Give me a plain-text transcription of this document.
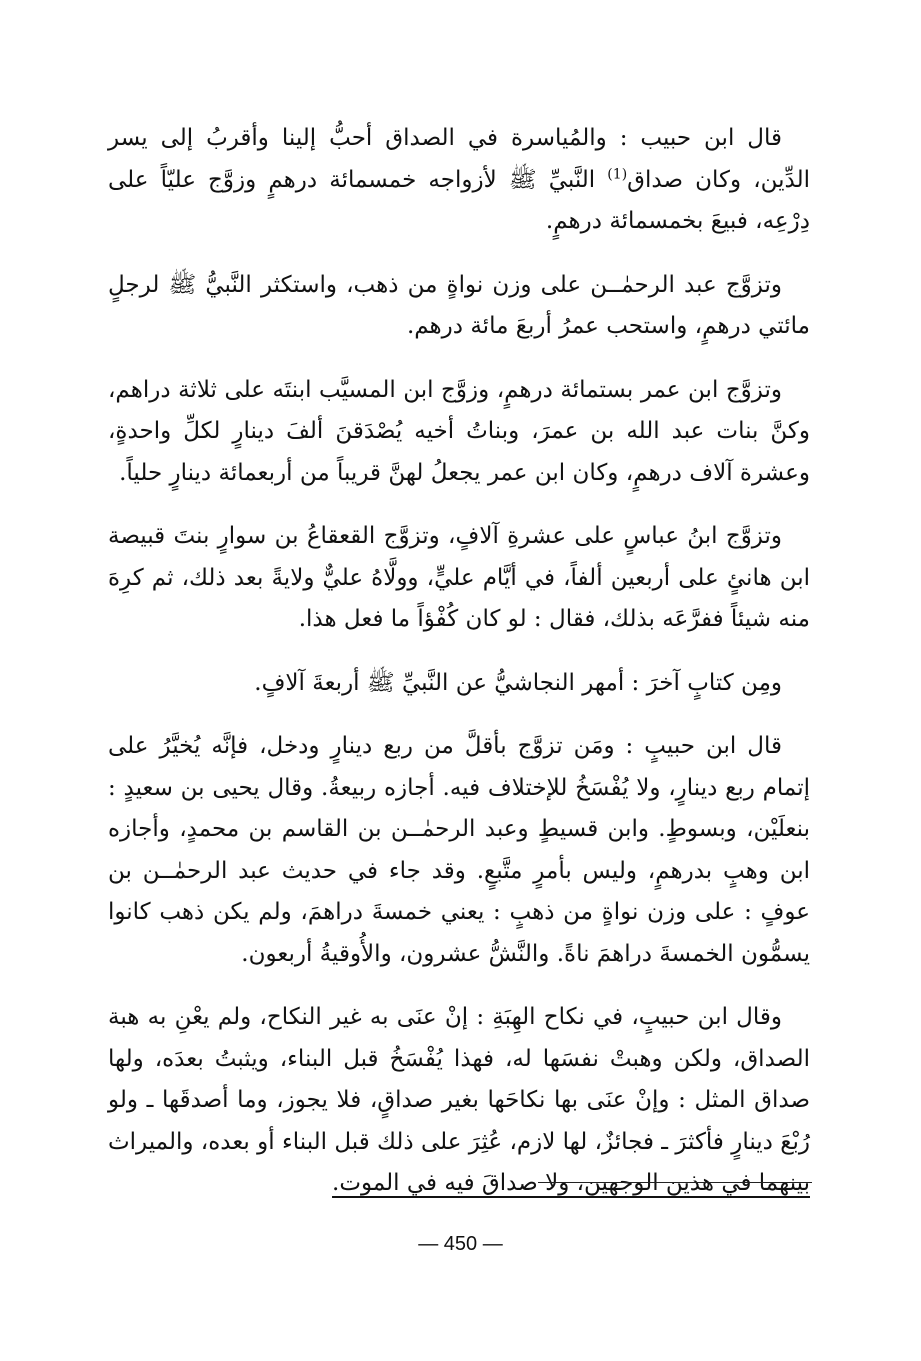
قال ابن حبيب : والمُياسرة في الصداق أحبُّ إلينا وأقربُ إلى يسر الدِّين، وكان صداق$^{(1)}$ النَّبيِّ ﷺ لأزواجه خمسمائة درهمٍ وزوَّج عليّاً على دِرْعِه، فبيعَ بخمسمائة درهمٍ.

وتزوَّج عبد الرحمٰــن على وزن نواةٍ من ذهب، واستكثر النَّبيُّ ﷺ لرجلٍ مائتي درهمٍ، واستحب عمرُ أربعَ مائة درهم.

وتزوَّج ابن عمر بستمائة درهمٍ، وزوَّج ابن المسيَّب ابنتَه على ثلاثة دراهم، وكنَّ بنات عبد الله بن عمرَ، وبناتُ أخيه يُصْدَقنَ ألفَ دينارٍ لكلِّ واحدةٍ، وعشرة آلاف درهمٍ، وكان ابن عمر يجعلُ لهنَّ قريباً من أربعمائة دينارٍ حلياً.

وتزوَّج ابنُ عباسٍ على عشرةِ آلافٍ، وتزوَّج القعقاعُ بن سوارٍ بنتَ قبيصة ابن هانئٍ على أربعين ألفاً، في أيَّام عليٍّ، وولَّاهُ عليٌّ ولايةً بعد ذلك، ثم كرِهَ منه شيئاً ففرَّعَه بذلك، فقال : لو كان كُفْؤاً ما فعل هذا.

ومِن كتابٍ آخرَ : أمهر النجاشيُّ عن النَّبيِّ ﷺ أربعةَ آلافٍ.

قال ابن حبيبٍ : ومَن تزوَّج بأقلَّ من ربع دينارٍ ودخل، فإنَّه يُخيَّرُ على إتمام ربع دينارٍ، ولا يُفْسَخُ للإختلاف فيه. أجازه ربيعةُ. وقال يحيى بن سعيدٍ : بنعلَيْن، وبسوطٍ. وابن قسيطٍ وعبد الرحمٰــن بن القاسم بن محمدٍ، وأجازه ابن وهبٍ بدرهمٍ، وليس بأمرٍ متَّبعٍ. وقد جاء في حديث عبد الرحمٰــن بن عوفٍ : على وزن نواةٍ من ذهبٍ : يعني خمسةَ دراهمَ، ولم يكن ذهب كانوا يسمُّون الخمسةَ دراهمَ ناةً. والنَّشُّ عشرون، والأُوقيةُ أربعون.

وقال ابن حبيبٍ، في نكاح الهِبَةِ : إنْ عنَى به غير النكاح، ولم يعْنِ به هبة الصداق، ولكن وهبتْ نفسَها له، فهذا يُفْسَخُ قبل البناء، ويثبتُ بعدَه، ولها صداق المثل : وإنْ عنَى بها نكاحَها بغير صداقٍ، فلا يجوز، وما أصدقَها ـ ولو رُبْعَ دينارٍ فأكثرَ ـ فجائزٌ، لها لازم، عُثِرَ على ذلك قبل البناء أو بعده، والميراث بينهما في هذين الوجهين، ولا صداقَ فيه في الموت.

— 450 —
